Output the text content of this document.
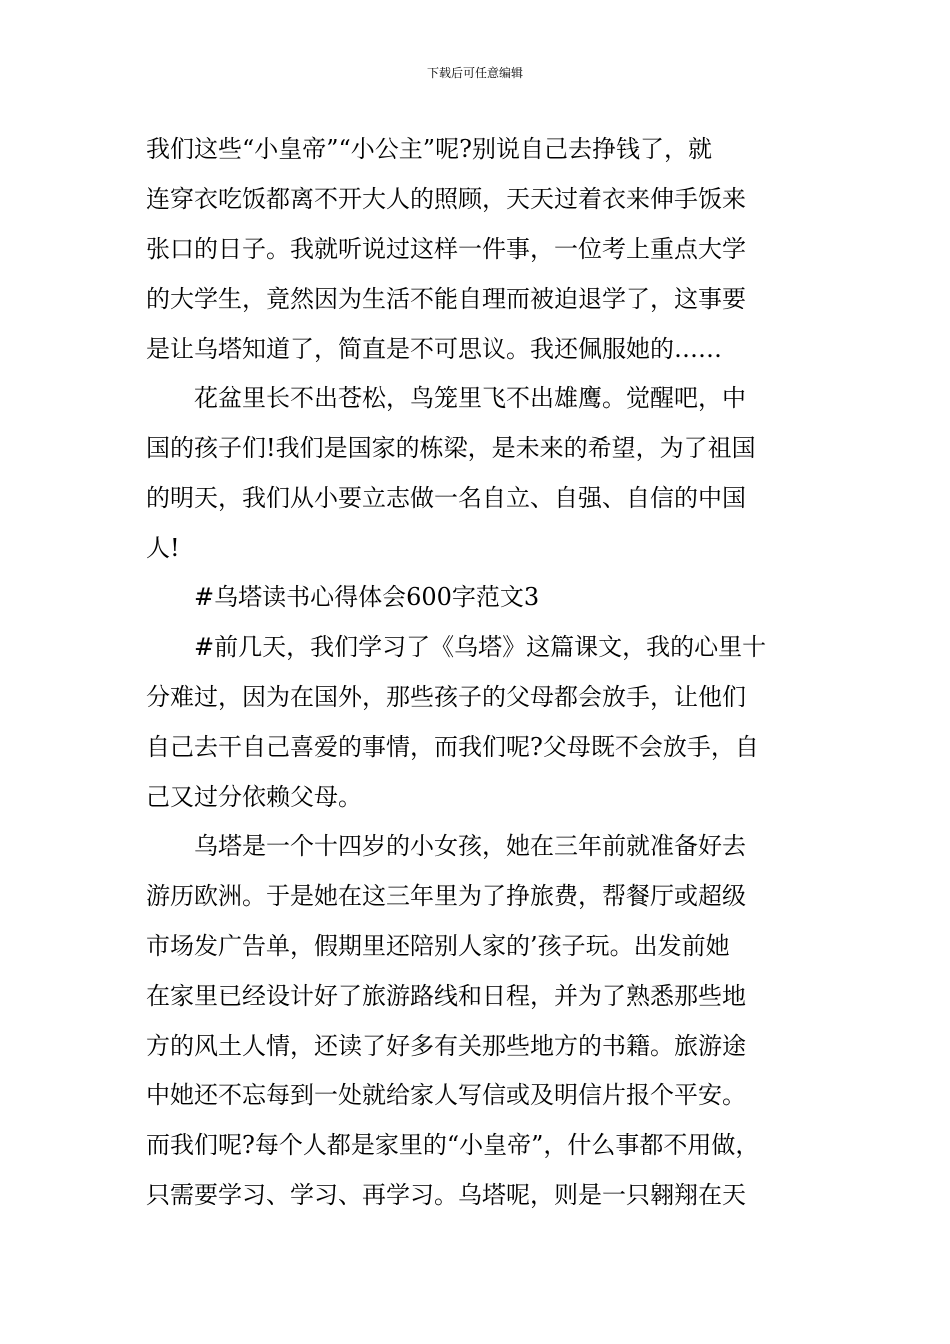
下载后可任意编辑
我们这些“小皇帝”“小公主”呢?别说自己去挣钱了，就
连穿衣吃饭都离不开大人的照顾，天天过着衣来伸手饭来
张口的日子。我就听说过这样一件事，一位考上重点大学
的大学生，竟然因为生活不能自理而被迫退学了，这事要
是让乌塔知道了，简直是不可思议。我还佩服她的……
花盆里长不出苍松，鸟笼里飞不出雄鹰。觉醒吧，中
国的孩子们!我们是国家的栋梁，是未来的希望，为了祖国
的明天，我们从小要立志做一名自立、自强、自信的中国
人!
#乌塔读书心得体会600字范文3
#前几天，我们学习了《乌塔》这篇课文，我的心里十
分难过，因为在国外，那些孩子的父母都会放手，让他们
自己去干自己喜爱的事情，而我们呢?父母既不会放手，自
己又过分依赖父母。
乌塔是一个十四岁的小女孩，她在三年前就准备好去
游历欧洲。于是她在这三年里为了挣旅费，帮餐厅或超级
市场发广告单，假期里还陪别人家的’孩子玩。出发前她
在家里已经设计好了旅游路线和日程，并为了熟悉那些地
方的风土人情，还读了好多有关那些地方的书籍。旅游途
中她还不忘每到一处就给家人写信或及明信片报个平安。
而我们呢?每个人都是家里的“小皇帝”，什么事都不用做，
只需要学习、学习、再学习。乌塔呢，则是一只翱翔在天
